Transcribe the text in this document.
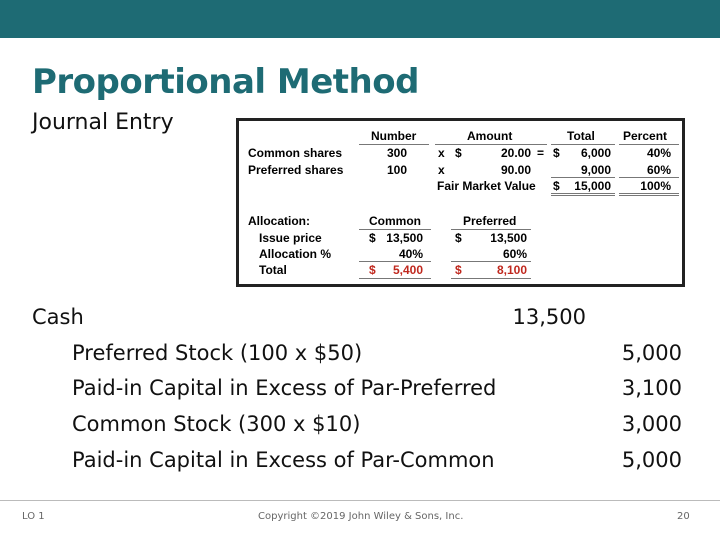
Proportional Method
Journal Entry
Number	Amount	Total Percent
Common shares	300	x $	20.00 = $	6,000	40%
Preferred shares	100	x	90.00	9,000	60%
Fair Market Value $	15,000	100%
Allocation:	Common	Preferred
Issue price	$ 13,500	$	13,500
Allocation %	40%	60%
Total	$	5,400	$	8,100
Cash	13,500
Preferred Stock (100 x $50)	5,000
Paid-in Capital in Excess of Par-Preferred	3,100
Common Stock (300 x $10)	3,000
Paid-in Capital in Excess of Par-Common	5,000
LO 1	Copyright ©2019 John Wiley & Sons, Inc.	20
